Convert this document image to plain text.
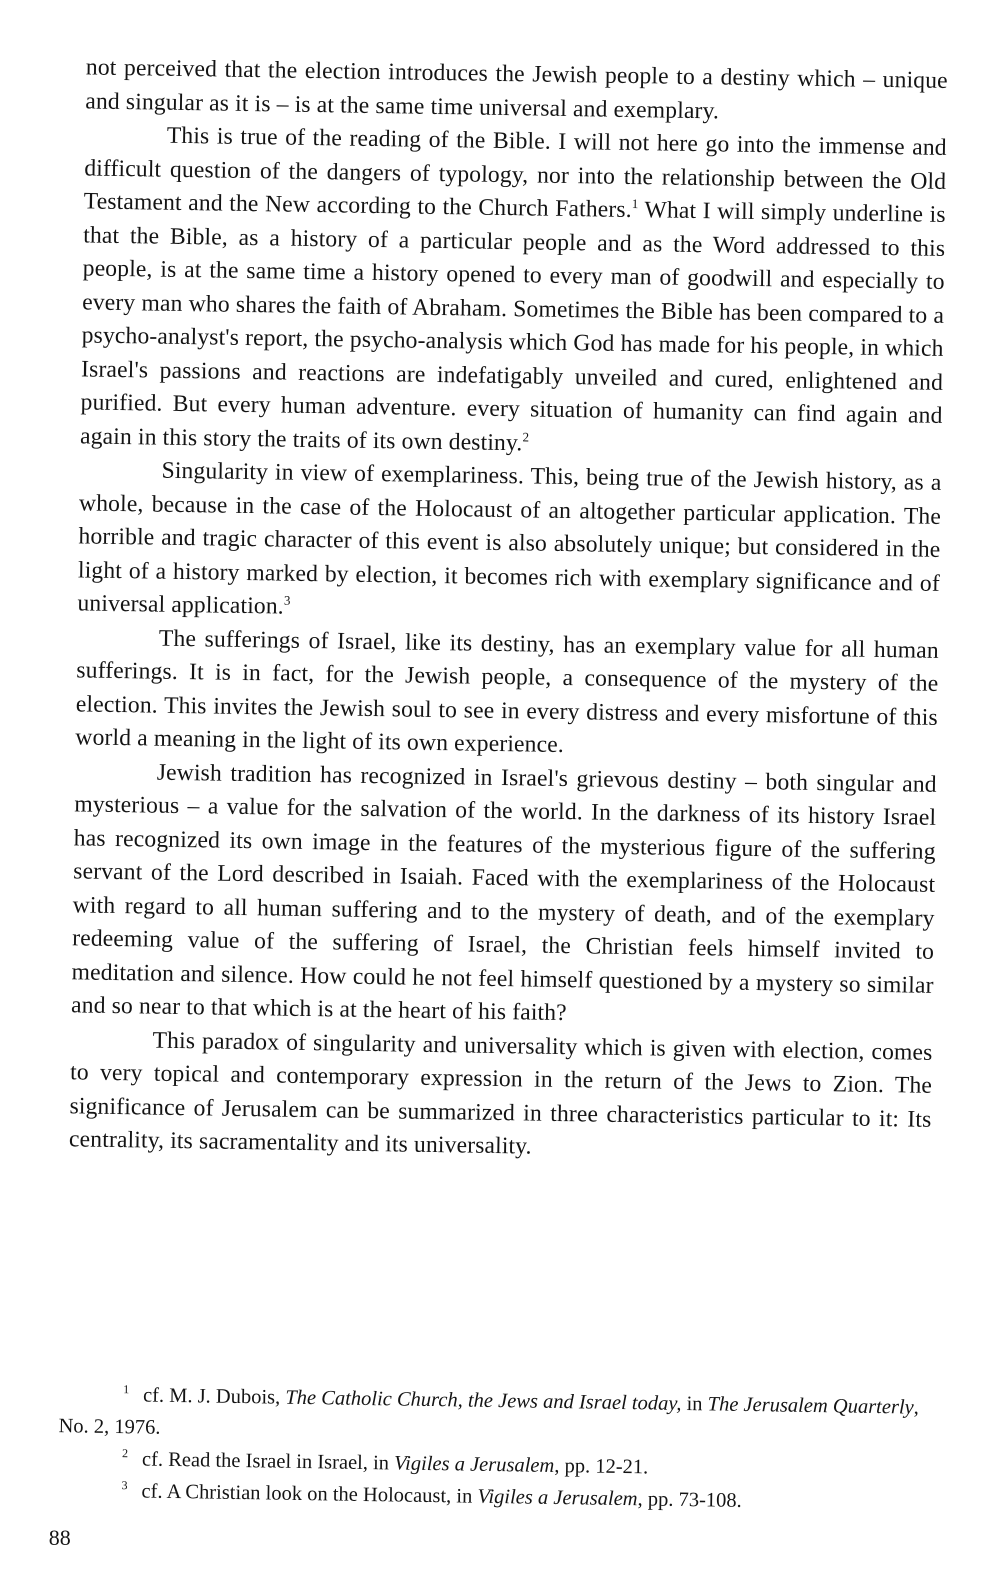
not perceived that the election introduces the Jewish people to a destiny which – unique and singular as it is – is at the same time universal and exemplary.

This is true of the reading of the Bible. I will not here go into the immense and difficult question of the dangers of typology, nor into the relationship between the Old Testament and the New according to the Church Fathers.$^1$ What I will simply underline is that the Bible, as a history of a particular people and as the Word addressed to this people, is at the same time a history opened to every man of goodwill and especially to every man who shares the faith of Abraham. Sometimes the Bible has been compared to a psycho-analyst's report, the psycho-analysis which God has made for his people, in which Israel's passions and reactions are indefatigably unveiled and cured, enlightened and purified. But every human adventure. every situation of humanity can find again and again in this story the traits of its own destiny.$^2$

Singularity in view of exemplariness. This, being true of the Jewish history, as a whole, because in the case of the Holocaust of an altogether particular application. The horrible and tragic character of this event is also absolutely unique; but considered in the light of a history marked by election, it becomes rich with exemplary significance and of universal application.$^3$

The sufferings of Israel, like its destiny, has an exemplary value for all human sufferings. It is in fact, for the Jewish people, a consequence of the mystery of the election. This invites the Jewish soul to see in every distress and every misfortune of this world a meaning in the light of its own experience.

Jewish tradition has recognized in Israel's grievous destiny – both singular and mysterious – a value for the salvation of the world. In the darkness of its history Israel has recognized its own image in the features of the mysterious figure of the suffering servant of the Lord described in Isaiah. Faced with the exemplariness of the Holocaust with regard to all human suffering and to the mystery of death, and of the exemplary redeeming value of the suffering of Israel, the Christian feels himself invited to meditation and silence. How could he not feel himself questioned by a mystery so similar and so near to that which is at the heart of his faith?

This paradox of singularity and universality which is given with election, comes to very topical and contemporary expression in the return of the Jews to Zion. The significance of Jerusalem can be summarized in three characteristics particular to it: Its centrality, its sacramentality and its universality.

$^1$ cf. M. J. Dubois, The Catholic Church, the Jews and Israel today, in The Jerusalem Quarterly, No. 2, 1976.

$^2$ cf. Read the Israel in Israel, in Vigiles a Jerusalem, pp. 12-21.

$^3$ cf. A Christian look on the Holocaust, in Vigiles a Jerusalem, pp. 73-108.

88
